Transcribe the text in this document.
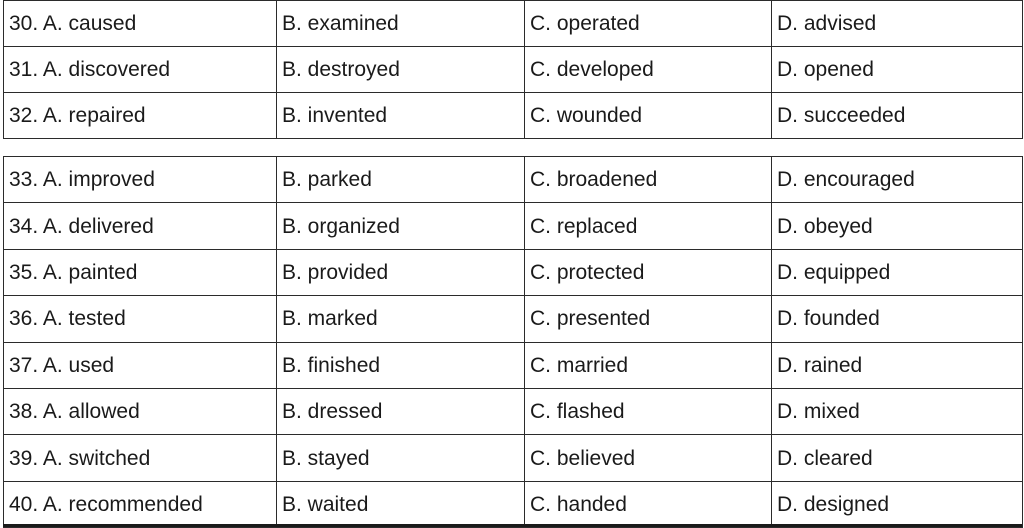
30. A. caused	B. examined	C. operated	D. advised
31. A. discovered	B. destroyed	C. developed	D. opened
32. A. repaired	B. invented	C. wounded	D. succeeded
33. A. improved	B. parked	C. broadened	D. encouraged
34. A. delivered	B. organized	C. replaced	D. obeyed
35. A. painted	B. provided	C. protected	D. equipped
36. A. tested	B. marked	C. presented	D. founded
37. A. used	B. finished	C. married	D. rained
38. A. allowed	B. dressed	C. flashed	D. mixed
39. A. switched	B. stayed	C. believed	D. cleared
40. A. recommended	B. waited	C. handed	D. designed
